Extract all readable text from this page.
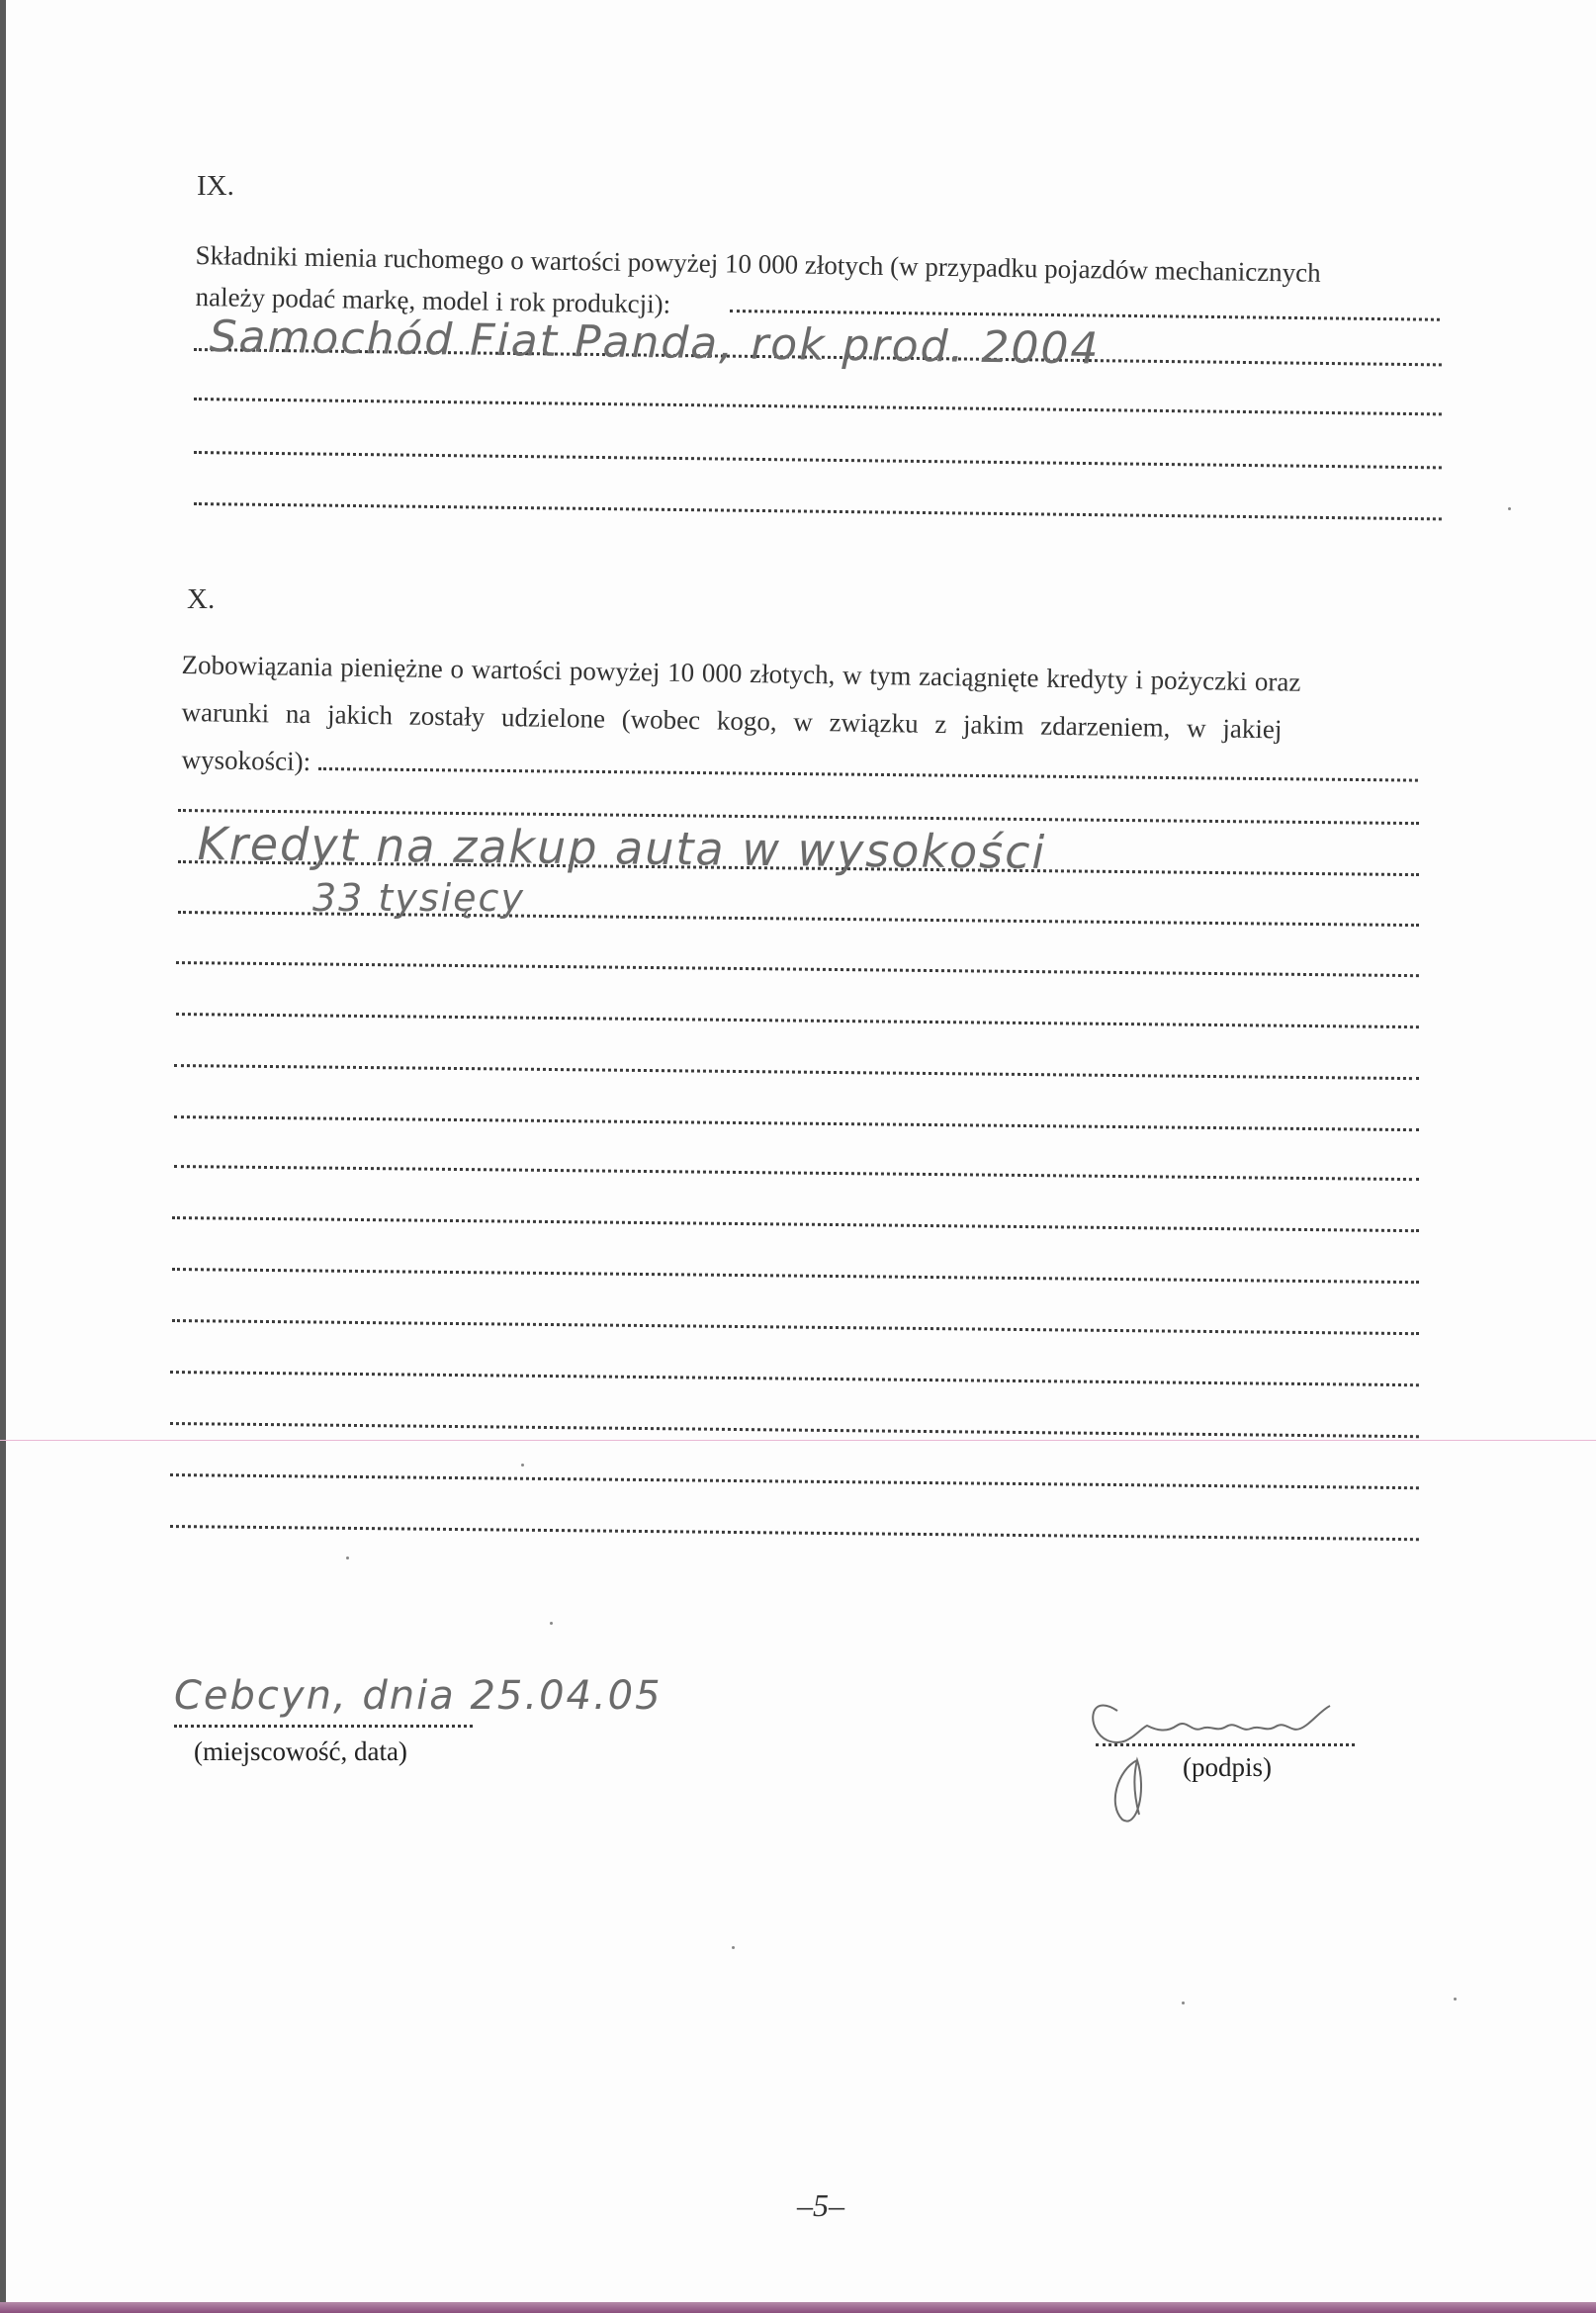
IX.
Składniki mienia ruchomego o wartości powyżej 10 000 złotych (w przypadku pojazdów mechanicznych
należy podać markę, model i rok produkcji):
Samochód Fiat Panda, rok prod. 2004
X.
Zobowiązania pieniężne o wartości powyżej 10 000 złotych, w tym zaciągnięte kredyty i pożyczki oraz
warunki na jakich zostały udzielone (wobec kogo, w związku z jakim zdarzeniem, w jakiej
wysokości):
Kredyt na zakup auta w wysokości
33 tysięcy
Cebcyn, dnia 25.04.05
(miejscowość, data)
(podpis)
–5–
